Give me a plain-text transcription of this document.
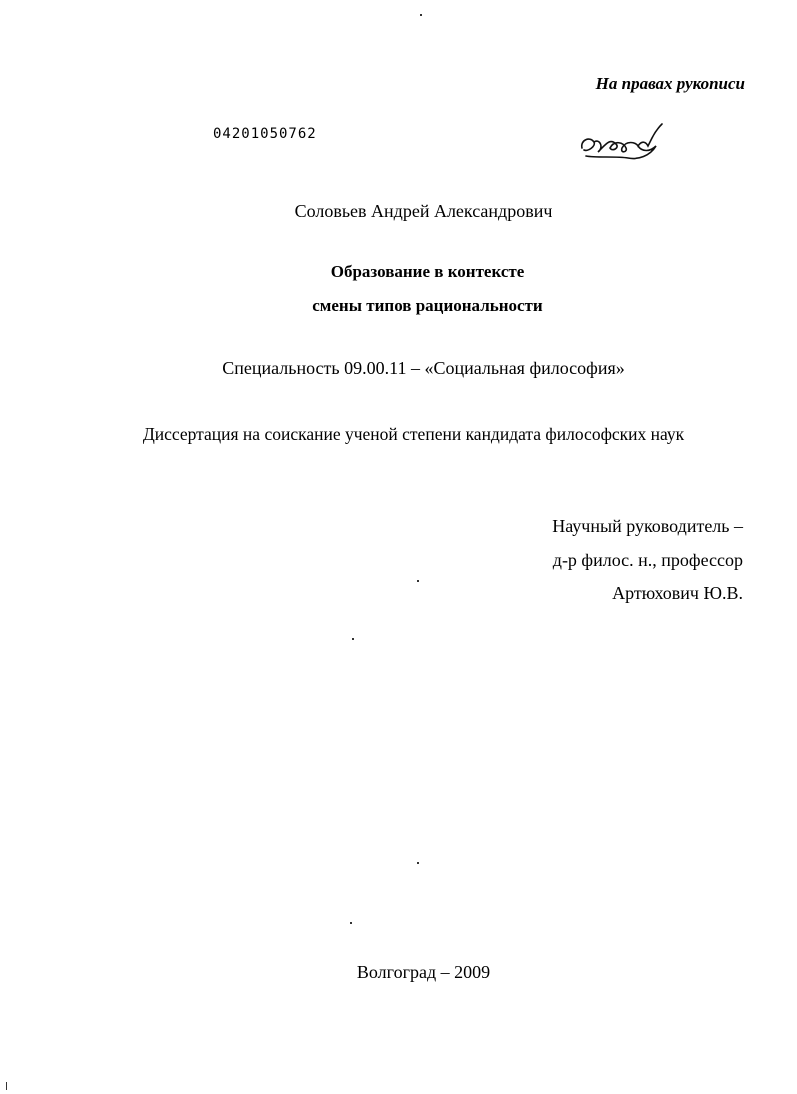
На правах рукописи
04201050762
Соловьев Андрей Александрович
Образование в контексте
смены типов рациональности
Специальность 09.00.11 – «Социальная философия»
Диссертация на соискание ученой степени кандидата философских наук
Научный руководитель –
д-р филос. н., профессор
Артюхович Ю.В.
Волгоград – 2009
